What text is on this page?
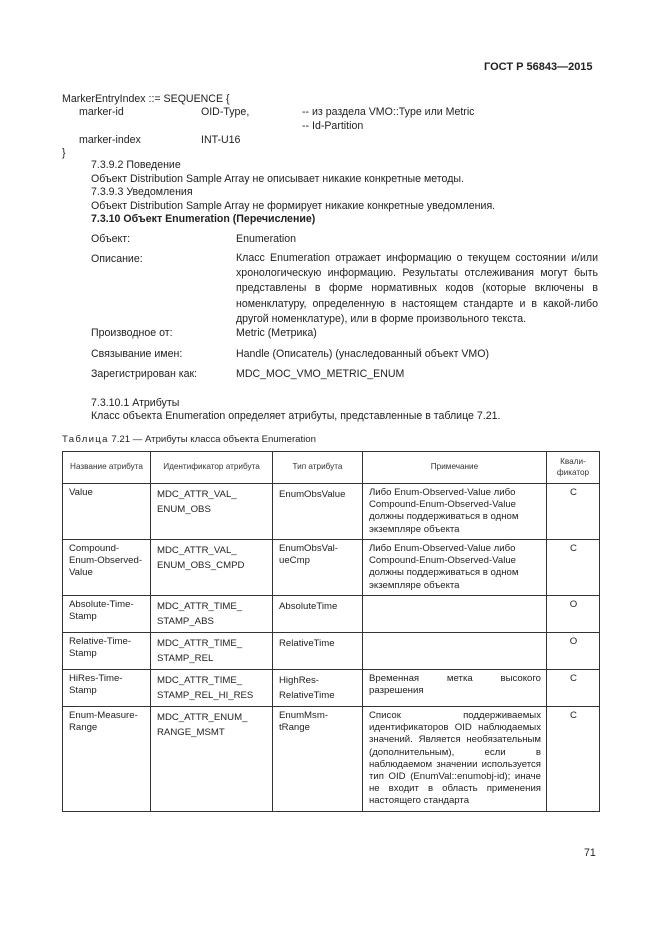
ГОСТ Р 56843—2015
MarkerEntryIndex ::= SEQUENCE {
marker-id	OID-Type,	-- из раздела VMO::Type или Metric
-- Id-Partition
marker-index	INT-U16
}
7.3.9.2 Поведение
Объект Distribution Sample Array не описывает никакие конкретные методы.
7.3.9.3 Уведомления
Объект Distribution Sample Array не формирует никакие конкретные уведомления.
7.3.10 Объект Enumeration (Перечисление)
Объект:	Enumeration
Описание:	Класс Enumeration отражает информацию о текущем состоянии и/или хронологическую информацию. Результаты отслеживания могут быть представлены в форме нормативных кодов (которые включены в номенклатуру, определенную в настоящем стандарте и в какой-либо другой номенклатуре), или в форме произвольного текста.
Производное от:	Metric (Метрика)
Связывание имен:	Handle (Описатель) (унаследованный объект VMO)
Зарегистрирован как:	MDC_MOC_VMO_METRIC_ENUM
7.3.10.1 Атрибуты
Класс объекта Enumeration определяет атрибуты, представленные в таблице 7.21.
Таблица 7.21 — Атрибуты класса объекта Enumeration
Название атрибута	Идентификатор атрибута	Тип атрибута	Примечание	Квали-фикатор
Value	MDC_ATTR_VAL_
ENUM_OBS	EnumObsValue	Либо Enum-Observed-Value либо Compound-Enum-Observed-Value должны поддерживаться в одном экземпляре объекта	C
Compound-Enum-Observed-Value	MDC_ATTR_VAL_
ENUM_OBS_CMPD	EnumObsVal-
ueCmp	Либо Enum-Observed-Value либо Compound-Enum-Observed-Value должны поддерживаться в одном экземпляре объекта	C
Absolute-Time-Stamp	MDC_ATTR_TIME_
STAMP_ABS	AbsoluteTime		O
Relative-Time-Stamp	MDC_ATTR_TIME_
STAMP_REL	RelativeTime		O
HiRes-Time-Stamp	MDC_ATTR_TIME_
STAMP_REL_HI_RES	HighRes-
RelativeTime	Временная метка высокого разрешения	C
Enum-Measure-Range	MDC_ATTR_ENUM_
RANGE_MSMT	EnumMsm-
tRange	Список поддерживаемых идентификаторов OID наблюдаемых значений. Является необязательным (дополнительным), если в наблюдаемом значении используется тип OID (EnumVal::enumobj-id); иначе не входит в область применения настоящего стандарта	C
71
